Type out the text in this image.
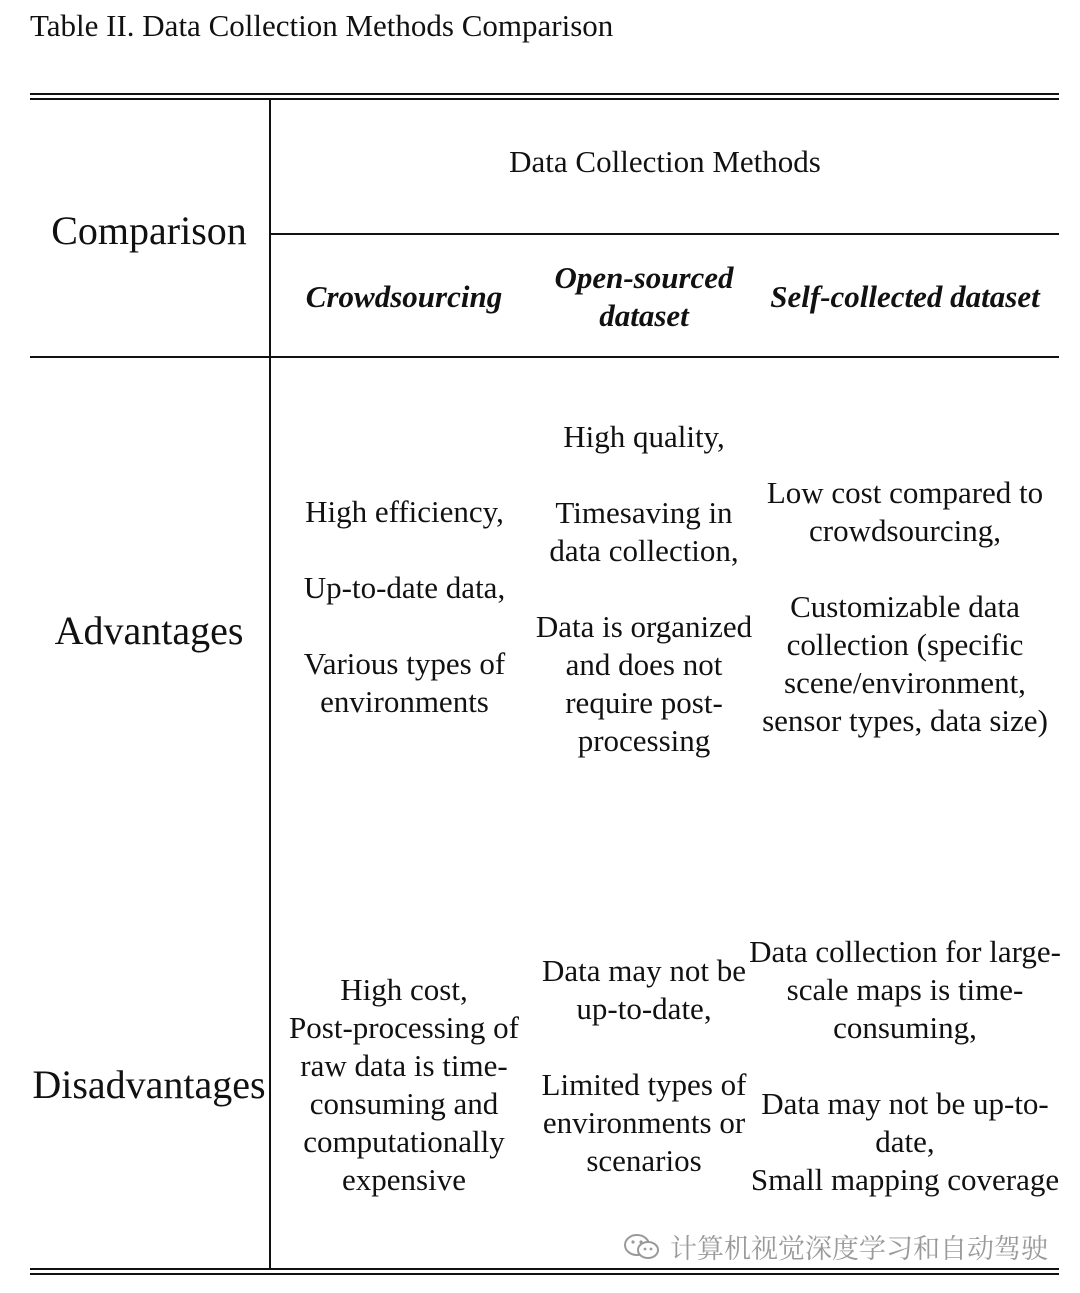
Table II. Data Collection Methods Comparison
Comparison
Data Collection Methods
Crowdsourcing
Open-sourced dataset
Self-collected dataset
Advantages

High efficiency,

Up-to-date data,

Various types of environments

High quality,

Timesaving in data collection,

Data is organized and does not require post-processing

Low cost compared to crowdsourcing,

Customizable data collection (specific scene/environment, sensor types, data size)

Disadvantages

High cost,

Post-processing of raw data is time-consuming and computationally expensive

Data may not be up-to-date,

Limited types of environments or scenarios

Data collection for large-scale maps is time-consuming,

Data may not be up-to-date,

Small mapping coverage

计算机视觉深度学习和自动驾驶
